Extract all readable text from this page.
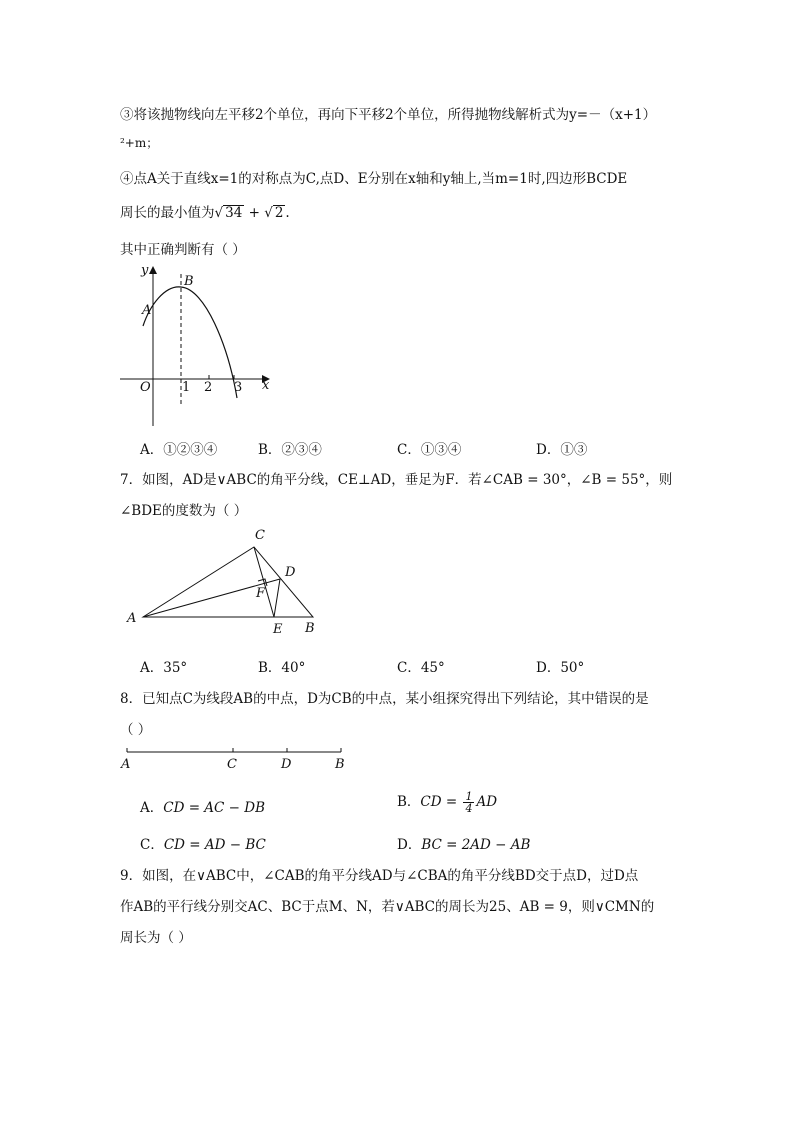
③将该抛物线向左平移2个单位，再向下平移2个单位，所得抛物线解析式为y=－（x+1）
²+m；
④点A关于直线x=1的对称点为C,点D、E分别在x轴和y轴上,当m=1时,四边形BCDE
周长的最小值为√ 34 + √ 2 .
其中正确判断有（ ）
y
x
O
A
B
1 2 3
A．①②③④	B．②③④	C．①③④	D．①③
7．如图，AD是∨ABC的角平分线，CE⊥AD，垂足为F．若∠CAB = 30°，∠B = 55°，则
∠BDE的度数为（ ）
A
B
C
D
E
F
A．35°	B．40°	C．45°	D．50°
8．已知点C为线段AB的中点，D为CB的中点，某小组探究得出下列结论，其中错误的是
（ ）
A	C	D	B
A．CD = AC − DB	B．CD = $\frac{1}{4}$ AD
C．CD = AD − BC	D．BC = 2AD − AB
9．如图，在∨ABC中，∠CAB的角平分线AD与∠CBA的角平分线BD交于点D，过D点
作AB的平行线分别交AC、BC于点M、N，若∨ABC的周长为25、AB = 9，则∨CMN的
周长为（ ）
